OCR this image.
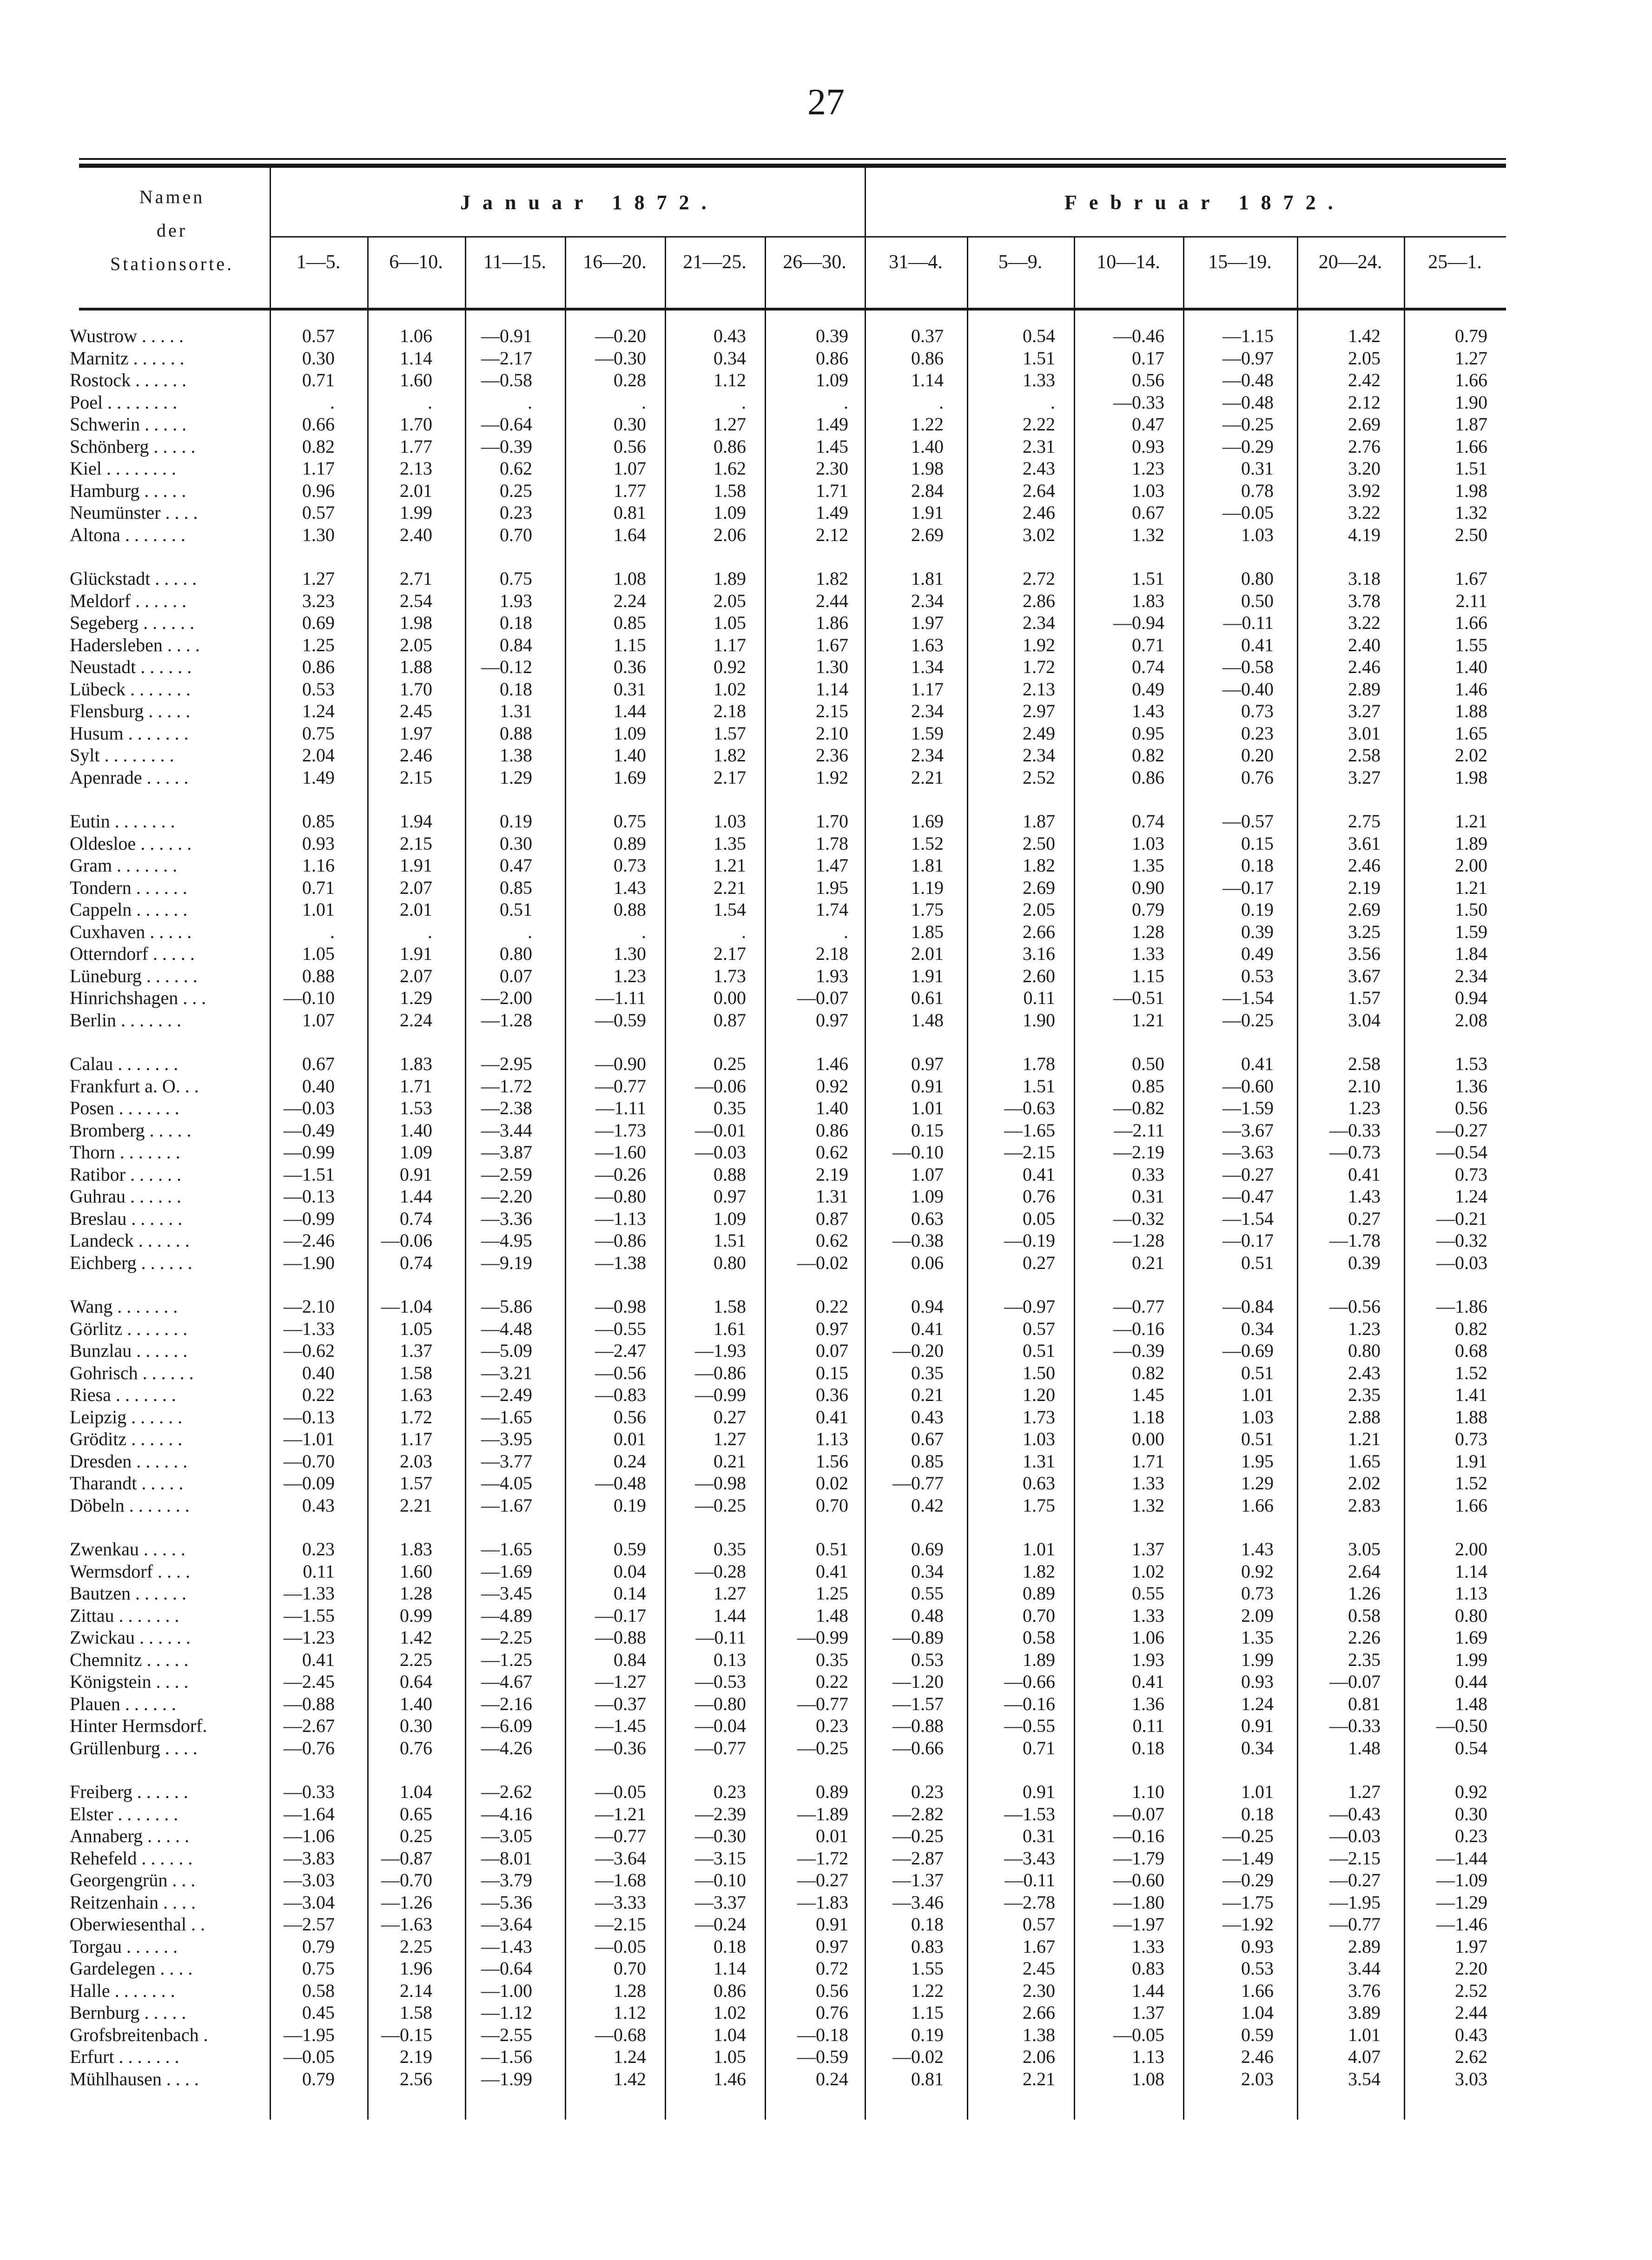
27
Namen
der
Stationsorte.
Januar 1872.	Februar 1872.
1—5.	6—10.	11—15.	16—20.	21—25.	26—30.	31—4.	5—9.	10—14.	15—19.	20—24.	25—1.
Wustrow . . . . .	0.57	1.06	—0.91	—0.20	0.43	0.39	0.37	0.54	—0.46	—1.15	1.42	0.79
Marnitz . . . . . .	0.30	1.14	—2.17	—0.30	0.34	0.86	0.86	1.51	0.17	—0.97	2.05	1.27
Rostock . . . . . .	0.71	1.60	—0.58	0.28	1.12	1.09	1.14	1.33	0.56	—0.48	2.42	1.66
Poel . . . . . . . .	.	.	.	.	.	.	.	.	—0.33	—0.48	2.12	1.90
Schwerin . . . . .	0.66	1.70	—0.64	0.30	1.27	1.49	1.22	2.22	0.47	—0.25	2.69	1.87
Schönberg . . . . .	0.82	1.77	—0.39	0.56	0.86	1.45	1.40	2.31	0.93	—0.29	2.76	1.66
Kiel . . . . . . . .	1.17	2.13	0.62	1.07	1.62	2.30	1.98	2.43	1.23	0.31	3.20	1.51
Hamburg . . . . .	0.96	2.01	0.25	1.77	1.58	1.71	2.84	2.64	1.03	0.78	3.92	1.98
Neumünster . . . .	0.57	1.99	0.23	0.81	1.09	1.49	1.91	2.46	0.67	—0.05	3.22	1.32
Altona . . . . . . .	1.30	2.40	0.70	1.64	2.06	2.12	2.69	3.02	1.32	1.03	4.19	2.50
Glückstadt . . . . .	1.27	2.71	0.75	1.08	1.89	1.82	1.81	2.72	1.51	0.80	3.18	1.67
Meldorf . . . . . .	3.23	2.54	1.93	2.24	2.05	2.44	2.34	2.86	1.83	0.50	3.78	2.11
Segeberg . . . . . .	0.69	1.98	0.18	0.85	1.05	1.86	1.97	2.34	—0.94	—0.11	3.22	1.66
Hadersleben . . . .	1.25	2.05	0.84	1.15	1.17	1.67	1.63	1.92	0.71	0.41	2.40	1.55
Neustadt . . . . . .	0.86	1.88	—0.12	0.36	0.92	1.30	1.34	1.72	0.74	—0.58	2.46	1.40
Lübeck . . . . . . .	0.53	1.70	0.18	0.31	1.02	1.14	1.17	2.13	0.49	—0.40	2.89	1.46
Flensburg . . . . .	1.24	2.45	1.31	1.44	2.18	2.15	2.34	2.97	1.43	0.73	3.27	1.88
Husum . . . . . . .	0.75	1.97	0.88	1.09	1.57	2.10	1.59	2.49	0.95	0.23	3.01	1.65
Sylt . . . . . . . .	2.04	2.46	1.38	1.40	1.82	2.36	2.34	2.34	0.82	0.20	2.58	2.02
Apenrade . . . . .	1.49	2.15	1.29	1.69	2.17	1.92	2.21	2.52	0.86	0.76	3.27	1.98
Eutin . . . . . . .	0.85	1.94	0.19	0.75	1.03	1.70	1.69	1.87	0.74	—0.57	2.75	1.21
Oldesloe . . . . . .	0.93	2.15	0.30	0.89	1.35	1.78	1.52	2.50	1.03	0.15	3.61	1.89
Gram . . . . . . .	1.16	1.91	0.47	0.73	1.21	1.47	1.81	1.82	1.35	0.18	2.46	2.00
Tondern . . . . . .	0.71	2.07	0.85	1.43	2.21	1.95	1.19	2.69	0.90	—0.17	2.19	1.21
Cappeln . . . . . .	1.01	2.01	0.51	0.88	1.54	1.74	1.75	2.05	0.79	0.19	2.69	1.50
Cuxhaven . . . . .	.	.	.	.	.	.	1.85	2.66	1.28	0.39	3.25	1.59
Otterndorf . . . . .	1.05	1.91	0.80	1.30	2.17	2.18	2.01	3.16	1.33	0.49	3.56	1.84
Lüneburg . . . . . .	0.88	2.07	0.07	1.23	1.73	1.93	1.91	2.60	1.15	0.53	3.67	2.34
Hinrichshagen . . .	—0.10	1.29	—2.00	—1.11	0.00	—0.07	0.61	0.11	—0.51	—1.54	1.57	0.94
Berlin . . . . . . .	1.07	2.24	—1.28	—0.59	0.87	0.97	1.48	1.90	1.21	—0.25	3.04	2.08
Calau . . . . . . .	0.67	1.83	—2.95	—0.90	0.25	1.46	0.97	1.78	0.50	0.41	2.58	1.53
Frankfurt a. O. . .	0.40	1.71	—1.72	—0.77	—0.06	0.92	0.91	1.51	0.85	—0.60	2.10	1.36
Posen . . . . . . .	—0.03	1.53	—2.38	—1.11	0.35	1.40	1.01	—0.63	—0.82	—1.59	1.23	0.56
Bromberg . . . . .	—0.49	1.40	—3.44	—1.73	—0.01	0.86	0.15	—1.65	—2.11	—3.67	—0.33	—0.27
Thorn . . . . . . .	—0.99	1.09	—3.87	—1.60	—0.03	0.62	—0.10	—2.15	—2.19	—3.63	—0.73	—0.54
Ratibor . . . . . .	—1.51	0.91	—2.59	—0.26	0.88	2.19	1.07	0.41	0.33	—0.27	0.41	0.73
Guhrau . . . . . .	—0.13	1.44	—2.20	—0.80	0.97	1.31	1.09	0.76	0.31	—0.47	1.43	1.24
Breslau . . . . . .	—0.99	0.74	—3.36	—1.13	1.09	0.87	0.63	0.05	—0.32	—1.54	0.27	—0.21
Landeck . . . . . .	—2.46	—0.06	—4.95	—0.86	1.51	0.62	—0.38	—0.19	—1.28	—0.17	—1.78	—0.32
Eichberg . . . . . .	—1.90	0.74	—9.19	—1.38	0.80	—0.02	0.06	0.27	0.21	0.51	0.39	—0.03
Wang . . . . . . .	—2.10	—1.04	—5.86	—0.98	1.58	0.22	0.94	—0.97	—0.77	—0.84	—0.56	—1.86
Görlitz . . . . . . .	—1.33	1.05	—4.48	—0.55	1.61	0.97	0.41	0.57	—0.16	0.34	1.23	0.82
Bunzlau . . . . . .	—0.62	1.37	—5.09	—2.47	—1.93	0.07	—0.20	0.51	—0.39	—0.69	0.80	0.68
Gohrisch . . . . . .	0.40	1.58	—3.21	—0.56	—0.86	0.15	0.35	1.50	0.82	0.51	2.43	1.52
Riesa . . . . . . .	0.22	1.63	—2.49	—0.83	—0.99	0.36	0.21	1.20	1.45	1.01	2.35	1.41
Leipzig . . . . . .	—0.13	1.72	—1.65	0.56	0.27	0.41	0.43	1.73	1.18	1.03	2.88	1.88
Gröditz . . . . . .	—1.01	1.17	—3.95	0.01	1.27	1.13	0.67	1.03	0.00	0.51	1.21	0.73
Dresden . . . . . .	—0.70	2.03	—3.77	0.24	0.21	1.56	0.85	1.31	1.71	1.95	1.65	1.91
Tharandt . . . . .	—0.09	1.57	—4.05	—0.48	—0.98	0.02	—0.77	0.63	1.33	1.29	2.02	1.52
Döbeln . . . . . . .	0.43	2.21	—1.67	0.19	—0.25	0.70	0.42	1.75	1.32	1.66	2.83	1.66
Zwenkau . . . . .	0.23	1.83	—1.65	0.59	0.35	0.51	0.69	1.01	1.37	1.43	3.05	2.00
Wermsdorf . . . .	0.11	1.60	—1.69	0.04	—0.28	0.41	0.34	1.82	1.02	0.92	2.64	1.14
Bautzen . . . . . .	—1.33	1.28	—3.45	0.14	1.27	1.25	0.55	0.89	0.55	0.73	1.26	1.13
Zittau . . . . . . .	—1.55	0.99	—4.89	—0.17	1.44	1.48	0.48	0.70	1.33	2.09	0.58	0.80
Zwickau . . . . . .	—1.23	1.42	—2.25	—0.88	—0.11	—0.99	—0.89	0.58	1.06	1.35	2.26	1.69
Chemnitz . . . . .	0.41	2.25	—1.25	0.84	0.13	0.35	0.53	1.89	1.93	1.99	2.35	1.99
Königstein . . . .	—2.45	0.64	—4.67	—1.27	—0.53	0.22	—1.20	—0.66	0.41	0.93	—0.07	0.44
Plauen . . . . . .	—0.88	1.40	—2.16	—0.37	—0.80	—0.77	—1.57	—0.16	1.36	1.24	0.81	1.48
Hinter Hermsdorf.	—2.67	0.30	—6.09	—1.45	—0.04	0.23	—0.88	—0.55	0.11	0.91	—0.33	—0.50
Grüllenburg . . . .	—0.76	0.76	—4.26	—0.36	—0.77	—0.25	—0.66	0.71	0.18	0.34	1.48	0.54
Freiberg . . . . . .	—0.33	1.04	—2.62	—0.05	0.23	0.89	0.23	0.91	1.10	1.01	1.27	0.92
Elster . . . . . . .	—1.64	0.65	—4.16	—1.21	—2.39	—1.89	—2.82	—1.53	—0.07	0.18	—0.43	0.30
Annaberg . . . . .	—1.06	0.25	—3.05	—0.77	—0.30	0.01	—0.25	0.31	—0.16	—0.25	—0.03	0.23
Rehefeld . . . . . .	—3.83	—0.87	—8.01	—3.64	—3.15	—1.72	—2.87	—3.43	—1.79	—1.49	—2.15	—1.44
Georgengrün . . .	—3.03	—0.70	—3.79	—1.68	—0.10	—0.27	—1.37	—0.11	—0.60	—0.29	—0.27	—1.09
Reitzenhain . . . .	—3.04	—1.26	—5.36	—3.33	—3.37	—1.83	—3.46	—2.78	—1.80	—1.75	—1.95	—1.29
Oberwiesenthal . .	—2.57	—1.63	—3.64	—2.15	—0.24	0.91	0.18	0.57	—1.97	—1.92	—0.77	—1.46
Torgau . . . . . .	0.79	2.25	—1.43	—0.05	0.18	0.97	0.83	1.67	1.33	0.93	2.89	1.97
Gardelegen . . . .	0.75	1.96	—0.64	0.70	1.14	0.72	1.55	2.45	0.83	0.53	3.44	2.20
Halle . . . . . . .	0.58	2.14	—1.00	1.28	0.86	0.56	1.22	2.30	1.44	1.66	3.76	2.52
Bernburg . . . . .	0.45	1.58	—1.12	1.12	1.02	0.76	1.15	2.66	1.37	1.04	3.89	2.44
Grofsbreitenbach .	—1.95	—0.15	—2.55	—0.68	1.04	—0.18	0.19	1.38	—0.05	0.59	1.01	0.43
Erfurt . . . . . . .	—0.05	2.19	—1.56	1.24	1.05	—0.59	—0.02	2.06	1.13	2.46	4.07	2.62
Mühlhausen . . . .	0.79	2.56	—1.99	1.42	1.46	0.24	0.81	2.21	1.08	2.03	3.54	3.03
